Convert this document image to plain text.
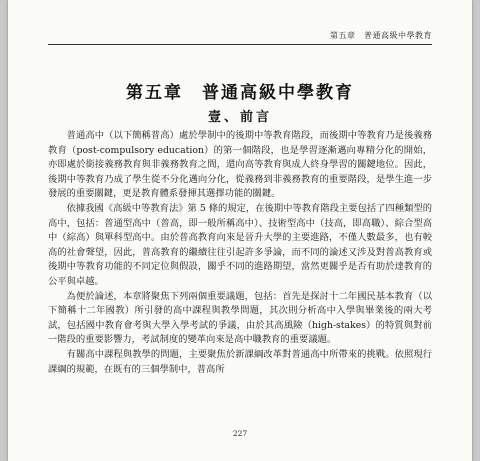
第五章　普通高級中學教育
第五章　普通高級中學教育
壹、前言

普通高中（以下簡稱普高）處於學制中的後期中等教育階段，而後期中等教育乃是後義務教育（post-compulsory education）的第一個階段，也是學習逐漸邁向專精分化的開始，亦即處於銜接義務教育與非義務教育之間，還向高等教育與成人終身學習的關鍵地位。因此，後期中等教育乃成了學生從不分化邁向分化，從義務到非義務教育的重要階段，是學生進一步發展的重要關鍵，更是教育體系發揮其選擇功能的關鍵。

依據我國《高級中等教育法》第 5 條的規定，在後期中等教育階段主要包括了四種類型的高中，包括：普通型高中（普高，即一般所稱高中）、技術型高中（技高，即高職）、綜合型高中（綜高）與單科型高中。由於普高教育向來是晉升大學的主要進路，不僅人數最多，也有較高的社會聲望，因此，普高教育的繼續往往引起許多爭論，而不同的論述又涉及對普高教育或後期中等教育功能的不同定位與假設，關乎不同的進路期望，當然更關乎是否有助於達教育的公平與卓越。

為便於論述，本章將聚焦下列兩個重要議題，包括：首先是探討十二年國民基本教育（以下簡稱十二年國教）所引發的高中課程與教學問題，其次則分析高中入學與畢業後的兩大考試，包括國中教育會考與大學入學考試的爭議，由於其高風險（high-stakes）的特質與對前一階段的重要影響力，考試制度的變革向來是高中職教育的重要議題。

有關高中課程與教學的問題，主要聚焦於新課綱改革對普通高中所帶來的挑戰。依照現行課綱的規範，在既有的三個學制中，普高所

227
